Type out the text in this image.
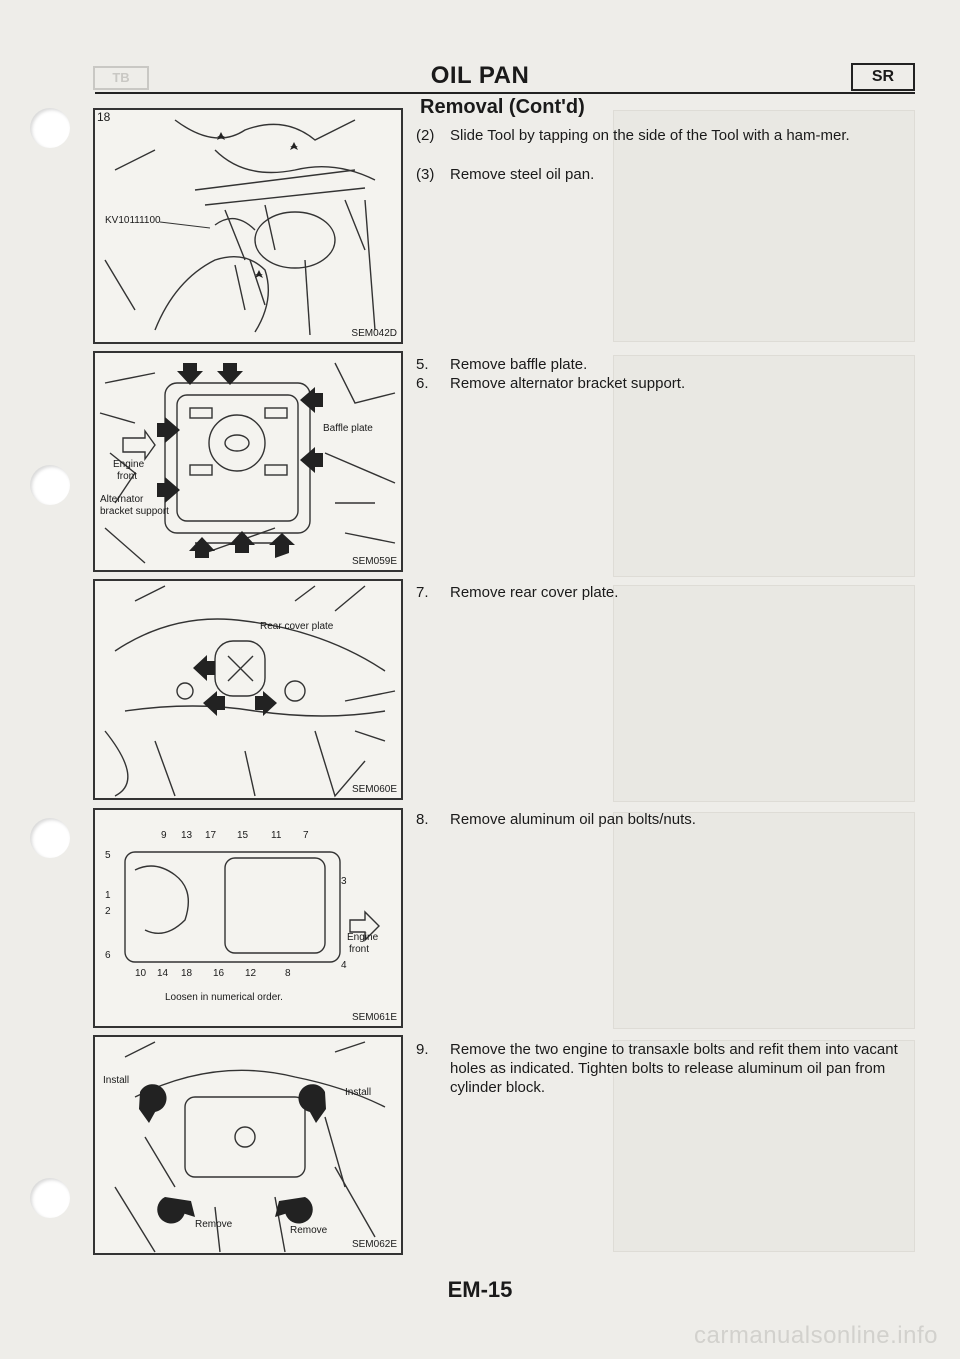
TB	OIL PAN	SR
Removal (Cont'd)
18
KV10111100
SEM042D
Baffle plate
Engine
front
Alternator
bracket support
SEM059E
Rear cover plate
SEM060E
9 13 17 15 11 7
5
1
2
6
3
4
10 14 18 16 12	8
Engine
front
Loosen in numerical order.
SEM061E
Install
Install
Remove
Remove
SEM062E
(2) Slide Tool by tapping on the side of the Tool with a ham-mer.
(3) Remove steel oil pan.
5. Remove baffle plate.
6. Remove alternator bracket support.
7. Remove rear cover plate.
8. Remove aluminum oil pan bolts/nuts.
9. Remove the two engine to transaxle bolts and refit them into vacant holes as indicated. Tighten bolts to release aluminum oil pan from cylinder block.
EM-15
carmanualsonline.info
